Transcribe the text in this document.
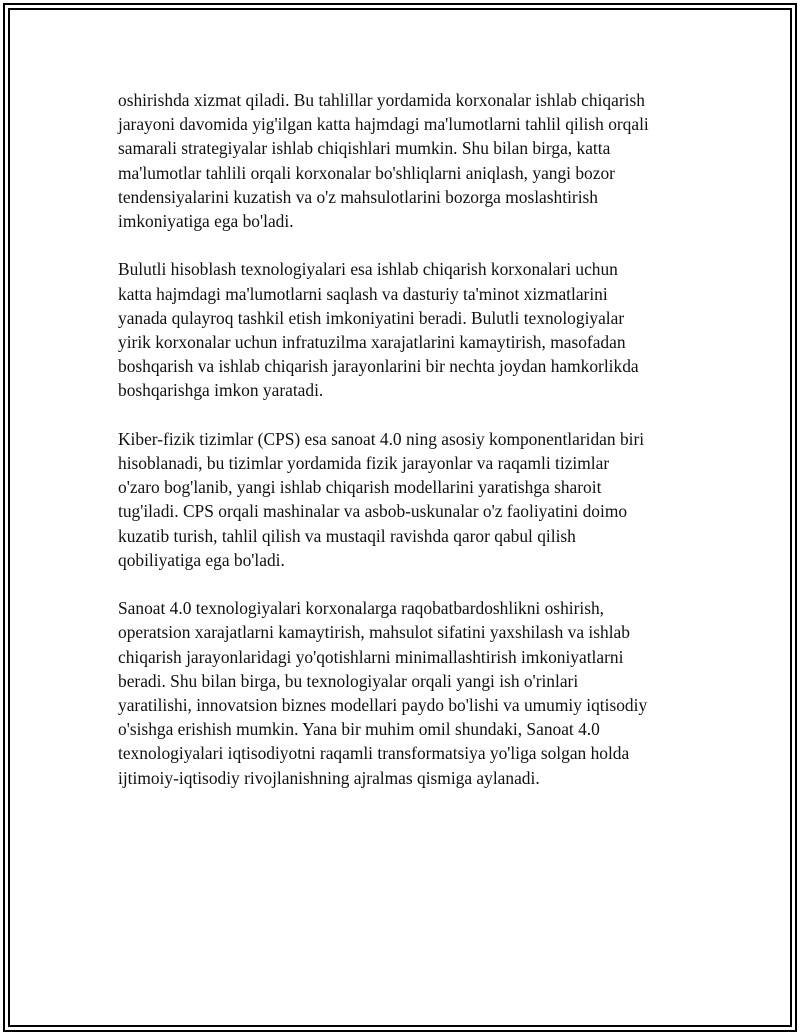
oshirishda xizmat qiladi. Bu tahlillar yordamida korxonalar ishlab chiqarish
jarayoni davomida yig'ilgan katta hajmdagi ma'lumotlarni tahlil qilish orqali
samarali strategiyalar ishlab chiqishlari mumkin. Shu bilan birga, katta
ma'lumotlar tahlili orqali korxonalar bo'shliqlarni aniqlash, yangi bozor
tendensiyalarini kuzatish va o'z mahsulotlarini bozorga moslashtirish
imkoniyatiga ega bo'ladi.

Bulutli hisoblash texnologiyalari esa ishlab chiqarish korxonalari uchun
katta hajmdagi ma'lumotlarni saqlash va dasturiy ta'minot xizmatlarini
yanada qulayroq tashkil etish imkoniyatini beradi. Bulutli texnologiyalar
yirik korxonalar uchun infratuzilma xarajatlarini kamaytirish, masofadan
boshqarish va ishlab chiqarish jarayonlarini bir nechta joydan hamkorlikda
boshqarishga imkon yaratadi.

Kiber-fizik tizimlar (CPS) esa sanoat 4.0 ning asosiy komponentlaridan biri
hisoblanadi, bu tizimlar yordamida fizik jarayonlar va raqamli tizimlar
o'zaro bog'lanib, yangi ishlab chiqarish modellarini yaratishga sharoit
tug'iladi. CPS orqali mashinalar va asbob-uskunalar o'z faoliyatini doimo
kuzatib turish, tahlil qilish va mustaqil ravishda qaror qabul qilish
qobiliyatiga ega bo'ladi.

Sanoat 4.0 texnologiyalari korxonalarga raqobatbardoshlikni oshirish,
operatsion xarajatlarni kamaytirish, mahsulot sifatini yaxshilash va ishlab
chiqarish jarayonlaridagi yo'qotishlarni minimallashtirish imkoniyatlarni
beradi. Shu bilan birga, bu texnologiyalar orqali yangi ish o'rinlari
yaratilishi, innovatsion biznes modellari paydo bo'lishi va umumiy iqtisodiy
o'sishga erishish mumkin. Yana bir muhim omil shundaki, Sanoat 4.0
texnologiyalari iqtisodiyotni raqamli transformatsiya yo'liga solgan holda
ijtimoiy-iqtisodiy rivojlanishning ajralmas qismiga aylanadi.
